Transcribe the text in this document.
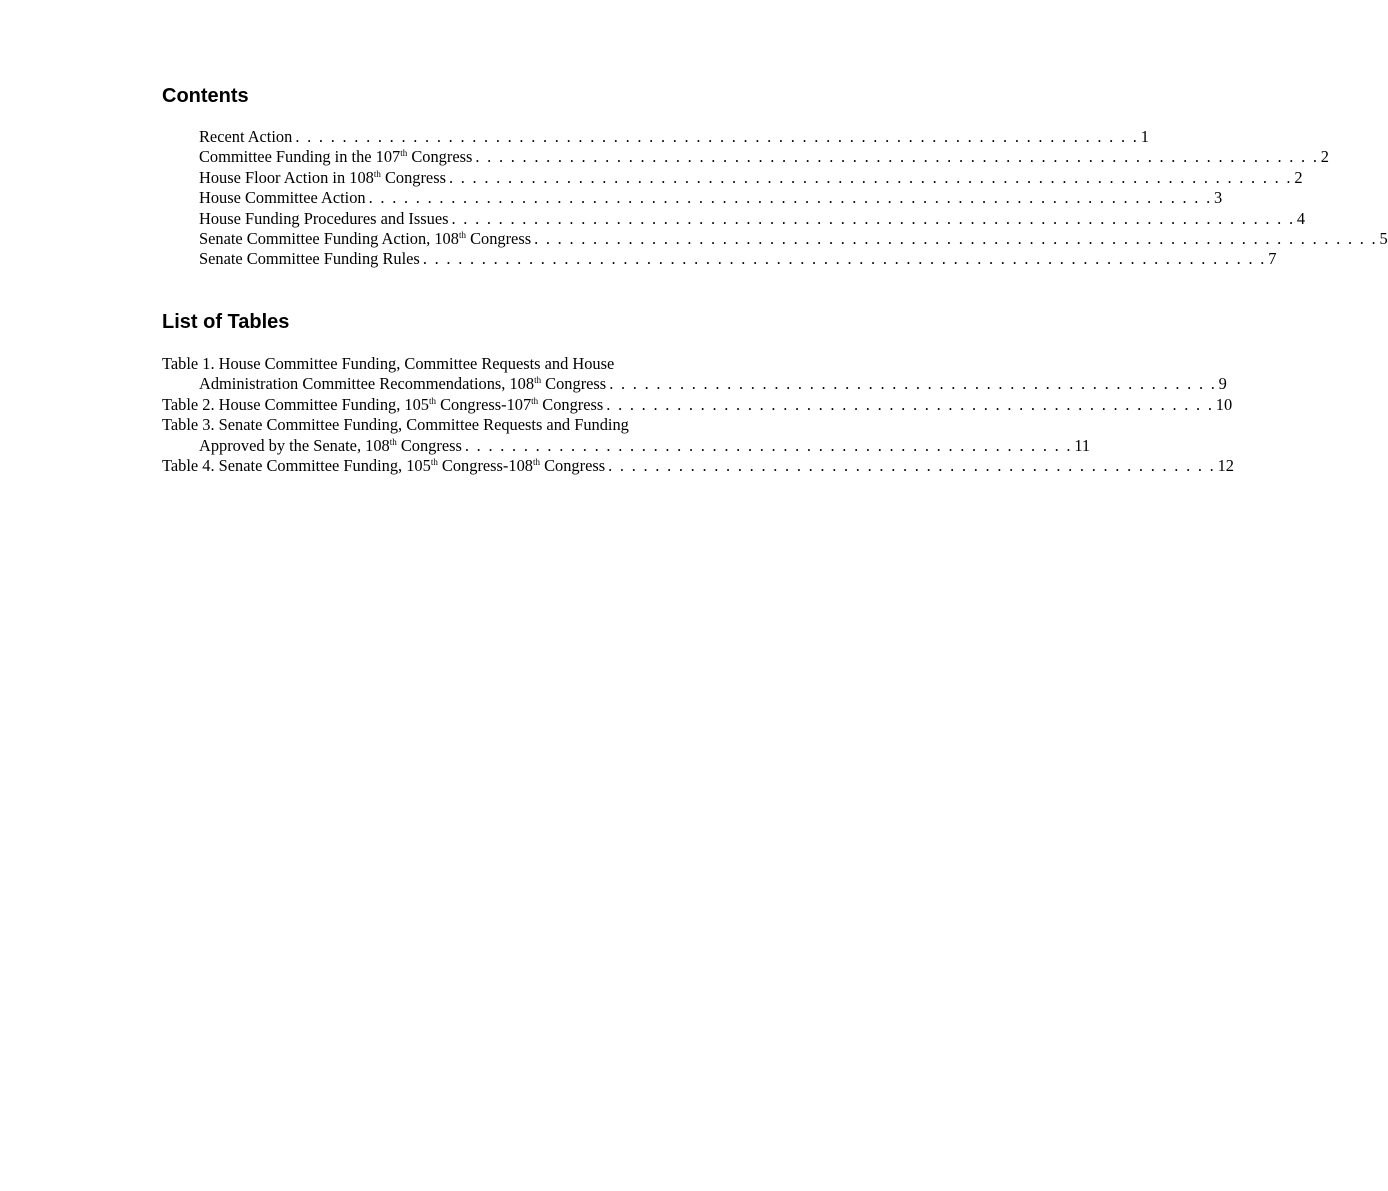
Contents
Recent Action . . . . . . . . . . . . . . . . . . . . . . . . . . . . . . . . . . . . . . . . . . . . . . . . . . . . . . . . . . . . . . . . . . . . . . . . 1
Committee Funding in the 107th Congress . . . . . . . . . . . . . . . . . . . . . . . . . . . . . . . . . . . . . . . . . . . . . . . . . . . . . . . . . . . . . . . . . . . . . . . . 2
House Floor Action in 108th Congress . . . . . . . . . . . . . . . . . . . . . . . . . . . . . . . . . . . . . . . . . . . . . . . . . . . . . . . . . . . . . . . . . . . . . . . . 2
House Committee Action . . . . . . . . . . . . . . . . . . . . . . . . . . . . . . . . . . . . . . . . . . . . . . . . . . . . . . . . . . . . . . . . . . . . . . . . 3
House Funding Procedures and Issues . . . . . . . . . . . . . . . . . . . . . . . . . . . . . . . . . . . . . . . . . . . . . . . . . . . . . . . . . . . . . . . . . . . . . . . . 4
Senate Committee Funding Action, 108th Congress . . . . . . . . . . . . . . . . . . . . . . . . . . . . . . . . . . . . . . . . . . . . . . . . . . . . . . . . . . . . . . . . . . . . . . . . 5
Senate Committee Funding Rules . . . . . . . . . . . . . . . . . . . . . . . . . . . . . . . . . . . . . . . . . . . . . . . . . . . . . . . . . . . . . . . . . . . . . . . . 7
List of Tables
Table 1. House Committee Funding, Committee Requests and House
Administration Committee Recommendations, 108th Congress . . . . . . . . . . . . . . . . . . . . . . . . . . . . . . . . . . . . . . . . . . . . . . . . . . . . 9
Table 2. House Committee Funding, 105th Congress-107th Congress . . . . . . . . . . . . . . . . . . . . . . . . . . . . . . . . . . . . . . . . . . . . . . . . . . . . 10
Table 3. Senate Committee Funding, Committee Requests and Funding
Approved by the Senate, 108th Congress . . . . . . . . . . . . . . . . . . . . . . . . . . . . . . . . . . . . . . . . . . . . . . . . . . . . 11
Table 4. Senate Committee Funding, 105th Congress-108th Congress . . . . . . . . . . . . . . . . . . . . . . . . . . . . . . . . . . . . . . . . . . . . . . . . . . . . 12
